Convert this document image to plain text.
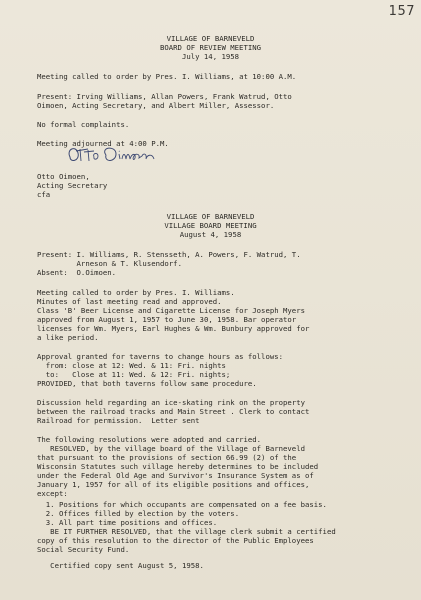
157
VILLAGE OF BARNEVELD
BOARD OF REVIEW MEETING
July 14, 1958
Meeting called to order by Pres. I. Williams, at 10:00 A.M.
Present: Irving Williams, Allan Powers, Frank Watrud, Otto
Oimoen, Acting Secretary, and Albert Miller, Assessor.
No formal complaints.
Meeting adjourned at 4:00 P.M.
Otto Oimoen,
Acting Secretary
cfa
VILLAGE OF BARNEVELD
VILLAGE BOARD MEETING
August 4, 1958
Present: I. Williams, R. Stensseth, A. Powers, F. Watrud, T.
Arneson & T. Klusendorf.
Absent:  O.Oimoen.
Meeting called to order by Pres. I. Williams.
Minutes of last meeting read and approved.
Class 'B' Beer License and Cigarette License for Joseph Myers
approved from August 1, 1957 to June 30, 1958. Bar operator
licenses for Wm. Myers, Earl Hughes & Wm. Bunbury approved for
a like period.
Approval granted for taverns to change hours as follows:
from: close at 12: Wed. & 11: Fri. nights
to:   Close at 11: Wed. & 12: Fri. nights;
PROVIDED, that both taverns follow same procedure.
Discussion held regarding an ice-skating rink on the property
between the railroad tracks and Main Street . Clerk to contact
Railroad for permission.  Letter sent
The following resolutions were adopted and carried.
RESOLVED, by the village board of the Village of Barneveld
that pursuant to the provisions of section 66.99 (2) of the
Wisconsin Statutes such village hereby determines to be included
under the Federal Old Age and Survivor's Insurance System as of
January 1, 1957 for all of its eligible positions and offices,
except:
1. Positions for which occupants are compensated on a fee basis.
2. Offices filled by election by the voters.
3. All part time positions and offices.
BE IT FURTHER RESOLVED, that the village clerk submit a certified
copy of this resolution to the director of the Public Employees
Social Security Fund.
Certified copy sent August 5, 1958.
